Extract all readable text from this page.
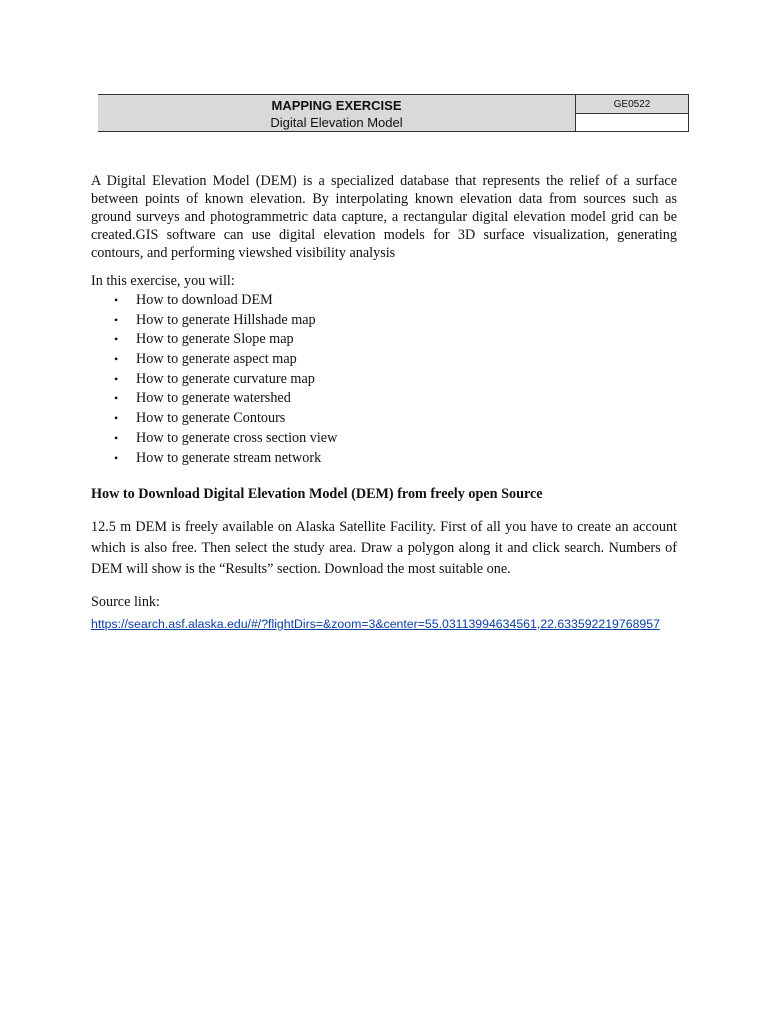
MAPPING EXERCISE
Digital Elevation Model
GE0522

A Digital Elevation Model (DEM) is a specialized database that represents the relief of a surface between points of known elevation. By interpolating known elevation data from sources such as ground surveys and photogrammetric data capture, a rectangular digital elevation model grid can be created.GIS software can use digital elevation models for 3D surface visualization, generating contours, and performing viewshed visibility analysis

In this exercise, you will:

• How to download DEM
• How to generate Hillshade map
• How to generate Slope map
• How to generate aspect map
• How to generate curvature map
• How to generate watershed
• How to generate Contours
• How to generate cross section view
• How to generate stream network

How to Download Digital Elevation Model (DEM) from freely open Source

12.5 m DEM is freely available on Alaska Satellite Facility. First of all you have to create an account which is also free. Then select the study area. Draw a polygon along it and click search. Numbers of DEM will show is the “Results” section. Download the most suitable one.

Source link:

https://search.asf.alaska.edu/#/?flightDirs=&zoom=3&center=55.03113994634561,22.633592219768957
